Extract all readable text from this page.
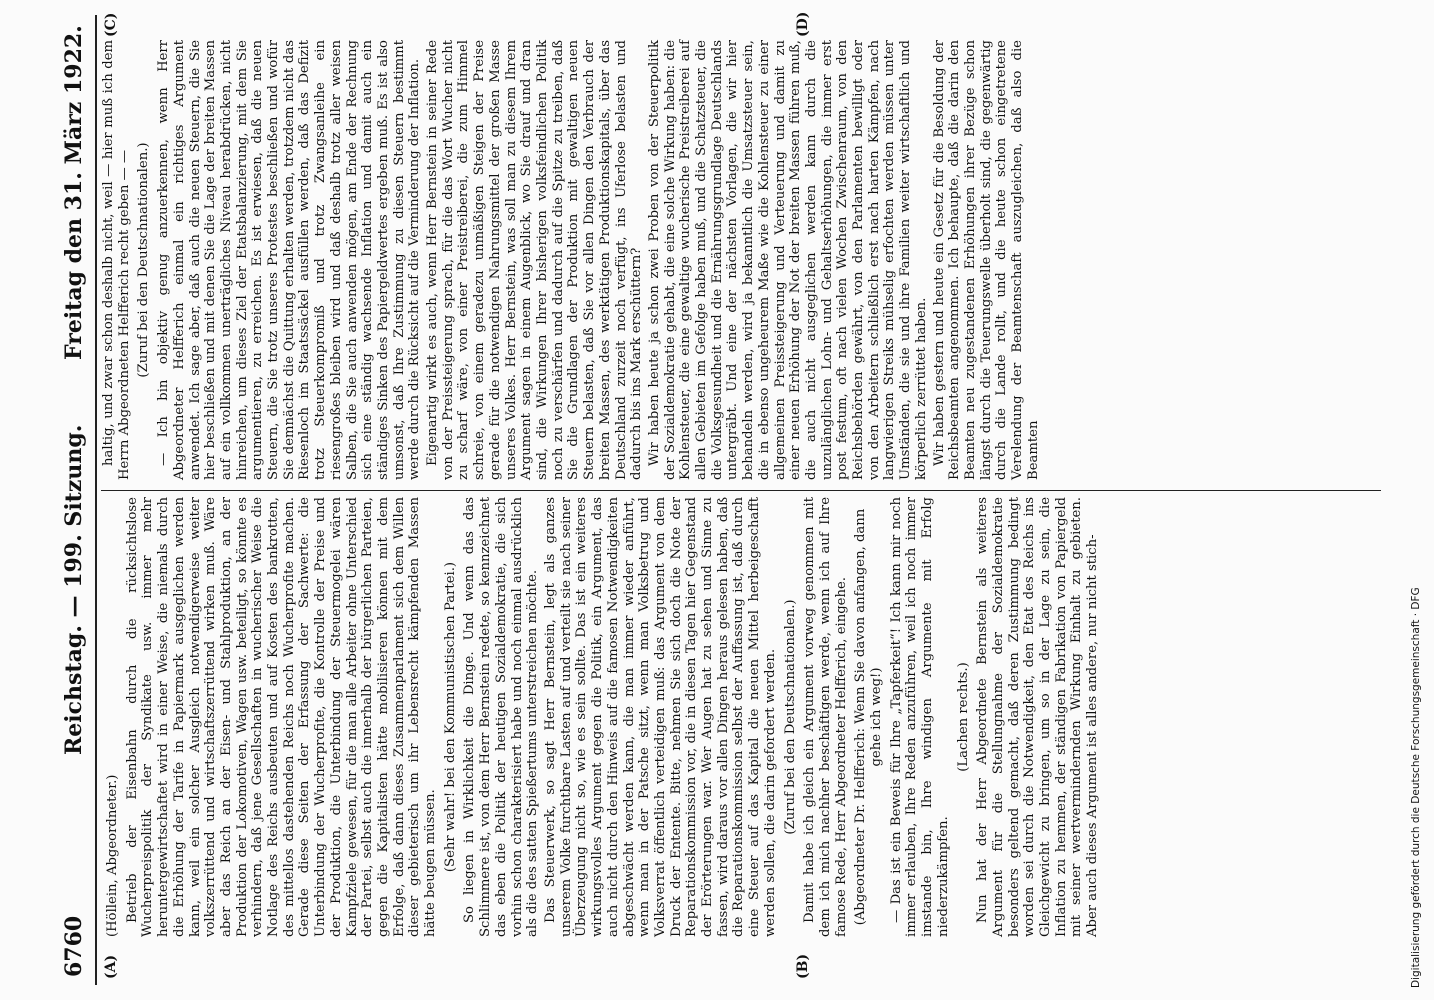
6760
Reichstag. — 199. Sitzung.
Freitag den 31. März 1922.
(A)	(B)
(C)	(D)

(Höllein, Abgeordneter.) Betrieb der Eisenbahn durch die rücksichtslose Wucherpreispolitik der Syndikate usw. immer mehr heruntergewirtschaftet wird in einer Weise, die niemals durch die Erhöhung der Tarife in Papiermark ausgeglichen werden kann, weil ein solcher Ausgleich notwendigerweise weiter volkszerrüttend und wirtschaftszerrüttend wirken muß. Wäre aber das Reich an der Eisen- und Stahlproduktion, an der Produktion der Lokomotiven, Wagen usw. beteiligt, so könnte es verhindern, daß jene Gesellschaften in wucherischer Weise die Notlage des Reichs ausbeuten und auf Kosten des bankrotten, des mittellos dastehenden Reichs noch Wucherprofite machen. Gerade diese Seiten der Erfassung der Sachwerte: die Unterbindung der Wucherprofite, die Kontrolle der Preise und der Produktion, die Unterbindung der Steuermogelei wären Kampfziele gewesen, für die man alle Arbeiter ohne Unterschied der Partei, selbst auch die innerhalb der bürgerlichen Parteien, gegen die Kapitalisten hätte mobilisieren können mit dem Erfolge, daß dann dieses Zusammenparlament sich dem Willen dieser gebieterisch um ihr Lebensrecht kämpfenden Massen hätte beugen müssen. (Sehr wahr! bei den Kommunistischen Partei.) So liegen in Wirklichkeit die Dinge. Und wenn das das Schlimmere ist, von dem Herr Bernstein redete, so kennzeichnet das eben die Politik der heutigen Sozialdemokratie, die sich vorhin schon charakterisiert habe und noch einmal ausdrücklich als die des satten Spießertums unterstreichen möchte. Das Steuerwerk, so sagt Herr Bernstein, legt als ganzes unserem Volke furchtbare Lasten auf und verteilt sie nach seiner Überzeugung nicht so, wie es sein sollte. Das ist ein weiteres wirkungsvolles Argument gegen die Politik, ein Argument, das auch nicht durch den Hinweis auf die famosen Notwendigkeiten abgeschwächt werden kann, die man immer wieder anführt, wenn man in der Patsche sitzt, wenn man Volksbetrug und Volksverrat öffentlich verteidigen muß: das Argument von dem Druck der Entente. Bitte, nehmen Sie sich doch die Note der Reparationskommission vor, die in diesen Tagen hier Gegenstand der Erörterungen war. Wer Augen hat zu sehen und Sinne zu fassen, wird daraus vor allen Dingen heraus gelesen haben, daß die Reparationskommission selbst der Auffassung ist, daß durch eine Steuer auf das Kapital die neuen Mittel herbeigeschafft werden sollen, die darin gefordert werden. (Zuruf bei den Deutschnationalen.) Damit habe ich gleich ein Argument vorweg genommen mit dem ich mich nachher beschäftigen werde, wenn ich auf Ihre famose Rede, Herr Abgeordneter Helfferich, eingehe. (Abgeordneter Dr. Helfferich: Wenn Sie davon anfangen, dann gehe ich weg!) — Das ist ein Beweis für Ihre „Tapferkeit“! Ich kann mir noch immer erlauben, Ihre Reden anzuführen, weil ich noch immer imstande bin, Ihre windigen Argumente mit Erfolg niederzukämpfen.

(Lachen rechts.) Nun hat der Herr Abgeordnete Bernstein als weiteres Argument für die Stellungnahme der Sozialdemokratie besonders geltend gemacht, daß deren Zustimmung bedingt worden sei durch die Notwendigkeit, den Etat des Reichs ins Gleichgewicht zu bringen, um so in der Lage zu sein, die Inflation zu hemmen, der ständigen Fabrikation von Papiergeld mit seiner wertvermindernden Wirkung Einhalt zu gebieten. Aber auch dieses Argument ist alles andere, nur nicht stich-

haltig, und zwar schon deshalb nicht, weil — hier muß ich dem Herrn Abgeordneten Helfferich recht geben — — (Zuruf bei den Deutschnationalen.) — Ich bin objektiv genug anzuerkennen, wenn Herr Abgeordneter Helfferich einmal ein richtiges Argument anwendet. Ich sage aber, daß auch die neuen Steuern, die Sie hier beschließen und mit denen Sie die Lage der breiten Massen auf ein vollkommen unerträgliches Niveau herabdrücken, nicht hinreichen, um dieses Ziel der Etatsbalanzierung, mit dem Sie argumentieren, zu erreichen. Es ist erwiesen, daß die neuen Steuern, die Sie trotz unseres Protestes beschließen und wofür Sie demnächst die Quittung erhalten werden, trotzdem nicht das Riesenloch im Staatssäckel ausfüllen werden, daß das Defizit trotz Steuerkompromiß und trotz Zwangsanleihe ein riesengroßes bleiben wird und daß deshalb trotz aller weisen Salben, die Sie auch anwenden mögen, am Ende der Rechnung sich eine ständig wachsende Inflation und damit auch ein ständiges Sinken des Papiergeldwertes ergeben muß. Es ist also umsonst, daß Ihre Zustimmung zu diesen Steuern bestimmt werde durch die Rücksicht auf die Verminderung der Inflation. Eigenartig wirkt es auch, wenn Herr Bernstein in seiner Rede von der Preissteigerung sprach, für die das Wort Wucher nicht zu scharf wäre, von einer Preistreiberei, die zum Himmel schreie, von einem geradezu unmäßigen Steigen der Preise gerade für die notwendigen Nahrungsmittel der großen Masse unseres Volkes. Herr Bernstein, was soll man zu diesem Ihrem Argument sagen in einem Augenblick, wo Sie drauf und dran sind, die Wirkungen Ihrer bisherigen volksfeindlichen Politik noch zu verschärfen und dadurch auf die Spitze zu treiben, daß Sie die Grundlagen der Produktion mit gewaltigen neuen Steuern belasten, daß Sie vor allen Dingen den Verbrauch der breiten Massen, des werktätigen Produktionskapitals, über das Deutschland zurzeit noch verfügt, ins Uferlose belasten und dadurch bis ins Mark erschüttern? Wir haben heute ja schon zwei Proben von der Steuerpolitik der Sozialdemokratie gehabt, die eine solche Wirkung haben: die Kohlensteuer, die eine gewaltige wucherische Preistreiberei auf allen Gebieten im Gefolge haben muß, und die Schatzsteuer, die die Volksgesundheit und die Ernährungsgrundlage Deutschlands untergräbt. Und eine der nächsten Vorlagen, die wir hier behandeln werden, wird ja bekanntlich die Umsatzsteuer sein, die in ebenso ungeheurem Maße wie die Kohlensteuer zu einer allgemeinen Preissteigerung und Verteuerung und damit zu einer neuen Erhöhung der Not der breiten Massen führen muß, die auch nicht ausgeglichen werden kann durch die unzulänglichen Lohn- und Gehaltserhöhungen, die immer erst post festum, oft nach vielen Wochen Zwischenraum, von den Reichsbehörden gewährt, von den Parlamenten bewilligt oder von den Arbeitern schließlich erst nach harten Kämpfen, nach langwierigen Streiks mühselig erfochten werden müssen unter Umständen, die sie und ihre Familien weiter wirtschaftlich und körperlich zerrüttet haben. Wir haben gestern und heute ein Gesetz für die Besoldung der Reichsbeamten angenommen. Ich behaupte, daß die darin den Beamten neu zugestandenen Erhöhungen ihrer Bezüge schon längst durch die Teuerungswelle überholt sind, die gegenwärtig durch die Lande rollt, und die heute schon eingetretene Verelendung der Beamtenschaft auszugleichen, daß also die Beamten

Digitalisierung gefördert durch die Deutsche Forschungsgemeinschaft · DFG
